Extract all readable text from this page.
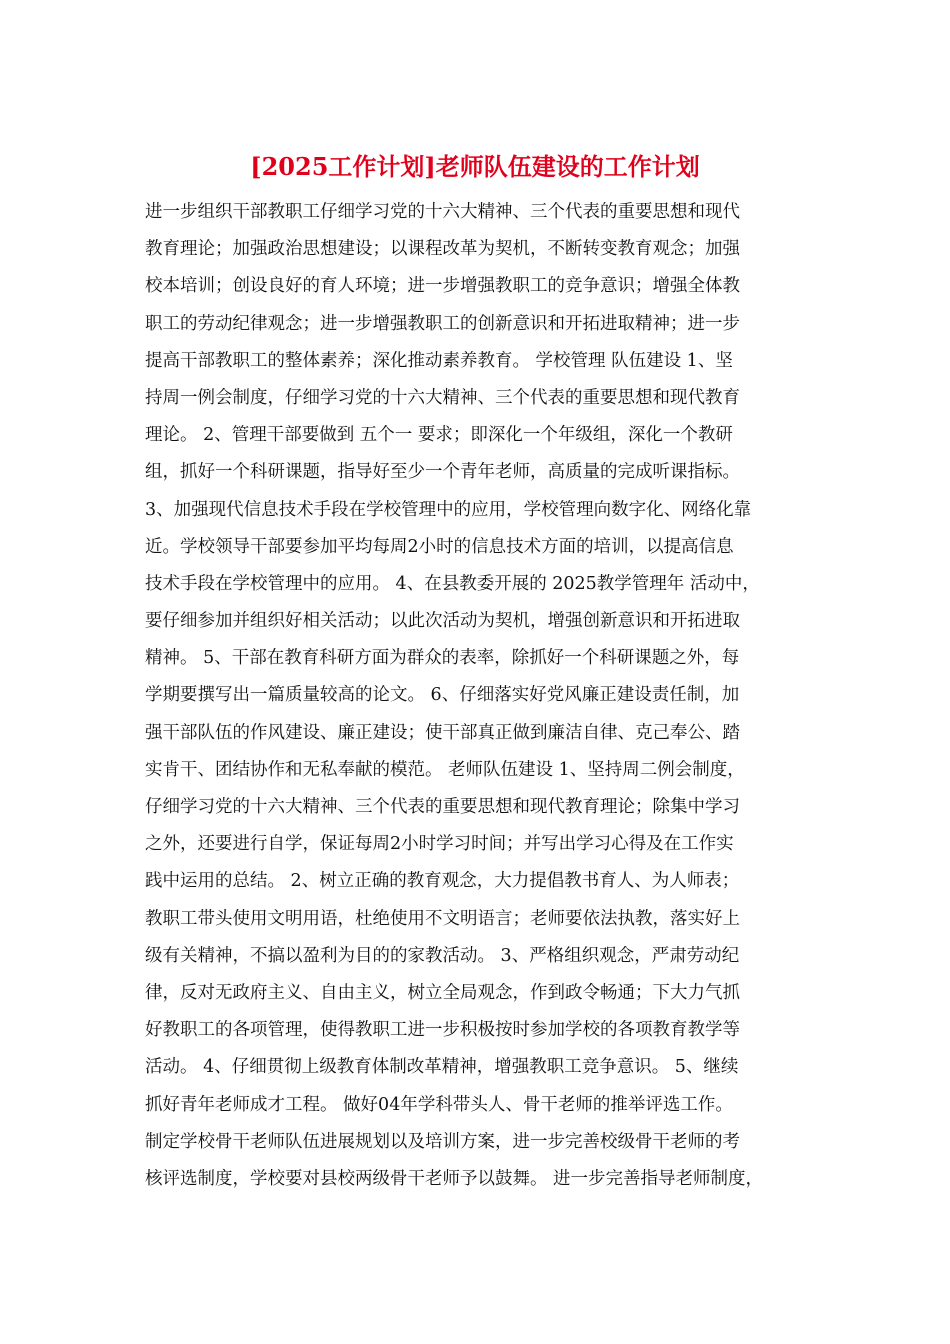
[2025工作计划]老师队伍建设的工作计划

进一步组织干部教职工仔细学习党的十六大精神、三个代表的重要思想和现代

教育理论；加强政治思想建设；以课程改革为契机，不断转变教育观念；加强

校本培训；创设良好的育人环境；进一步增强教职工的竞争意识；增强全体教

职工的劳动纪律观念；进一步增强教职工的创新意识和开拓进取精神；进一步

提高干部教职工的整体素养；深化推动素养教育。 学校管理 队伍建设 1、坚

持周一例会制度，仔细学习党的十六大精神、三个代表的重要思想和现代教育

理论。 2、管理干部要做到 五个一 要求；即深化一个年级组，深化一个教研

组，抓好一个科研课题，指导好至少一个青年老师，高质量的完成听课指标。

3、加强现代信息技术手段在学校管理中的应用，学校管理向数字化、网络化靠

近。学校领导干部要参加平均每周2小时的信息技术方面的培训，以提高信息

技术手段在学校管理中的应用。 4、在县教委开展的 2025教学管理年 活动中，

要仔细参加并组织好相关活动；以此次活动为契机，增强创新意识和开拓进取

精神。 5、干部在教育科研方面为群众的表率，除抓好一个科研课题之外，每

学期要撰写出一篇质量较高的论文。 6、仔细落实好党风廉正建设责任制，加

强干部队伍的作风建设、廉正建设；使干部真正做到廉洁自律、克己奉公、踏

实肯干、团结协作和无私奉献的模范。 老师队伍建设 1、坚持周二例会制度，

仔细学习党的十六大精神、三个代表的重要思想和现代教育理论；除集中学习

之外，还要进行自学，保证每周2小时学习时间；并写出学习心得及在工作实

践中运用的总结。 2、树立正确的教育观念，大力提倡教书育人、为人师表；

教职工带头使用文明用语，杜绝使用不文明语言；老师要依法执教，落实好上

级有关精神，不搞以盈利为目的的家教活动。 3、严格组织观念，严肃劳动纪

律，反对无政府主义、自由主义，树立全局观念，作到政令畅通；下大力气抓

好教职工的各项管理，使得教职工进一步积极按时参加学校的各项教育教学等

活动。 4、仔细贯彻上级教育体制改革精神，增强教职工竞争意识。 5、继续

抓好青年老师成才工程。 做好04年学科带头人、骨干老师的推举评选工作。

制定学校骨干老师队伍进展规划以及培训方案，进一步完善校级骨干老师的考

核评选制度，学校要对县校两级骨干老师予以鼓舞。 进一步完善指导老师制度，
